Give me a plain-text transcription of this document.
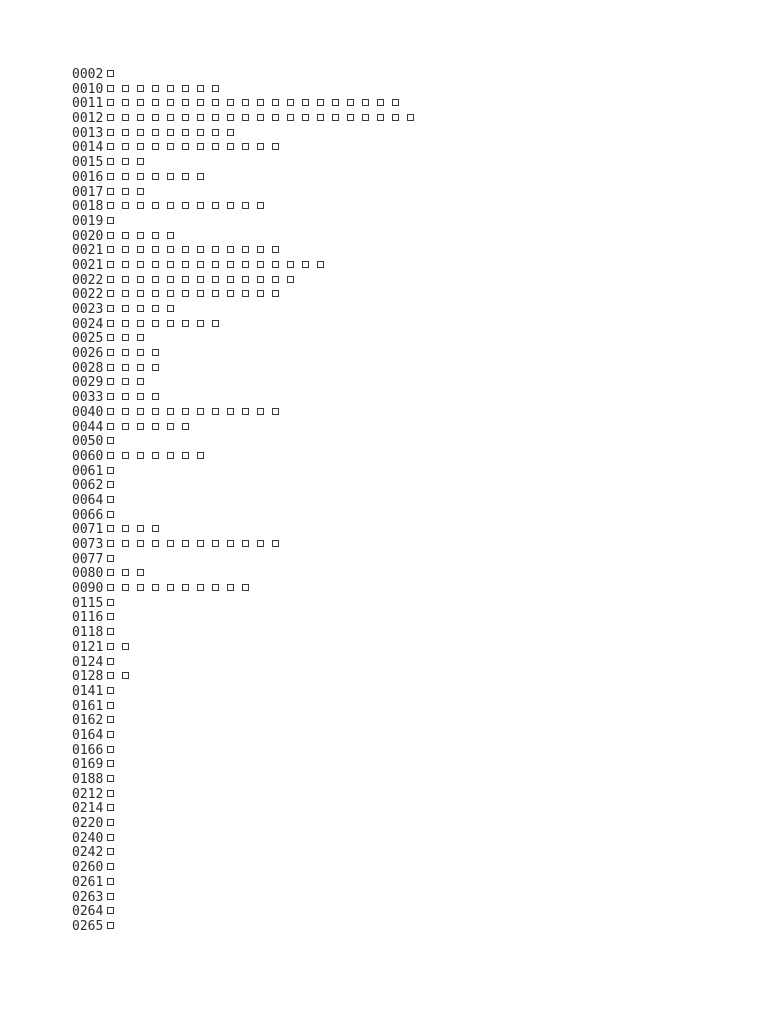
0002
0010
0011
0012
0013
0014
0015
0016
0017
0018
0019
0020
0021
0021
0022
0022
0023
0024
0025
0026
0028
0029
0033
0040
0044
0050
0060
0061
0062
0064
0066
0071
0073
0077
0080
0090
0115
0116
0118
0121
0124
0128
0141
0161
0162
0164
0166
0169
0188
0212
0214
0220
0240
0242
0260
0261
0263
0264
0265
